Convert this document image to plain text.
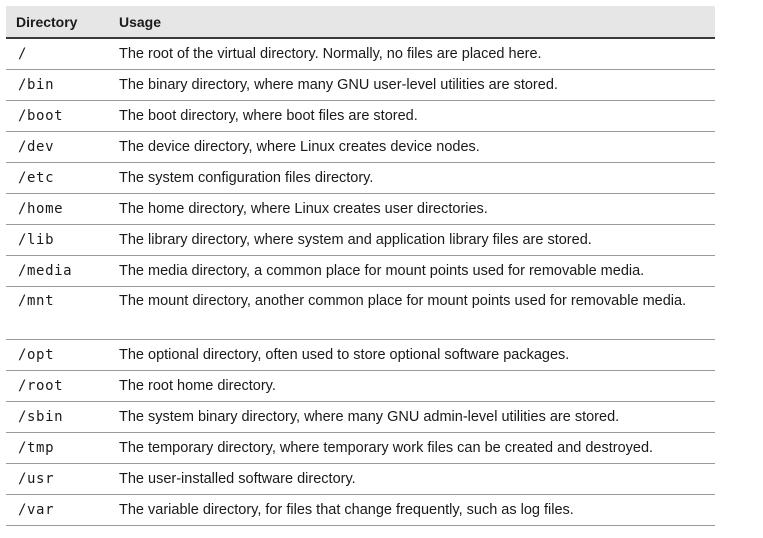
Directory	Usage
/	The root of the virtual directory. Normally, no files are placed here.
/bin	The binary directory, where many GNU user-level utilities are stored.
/boot	The boot directory, where boot files are stored.
/dev	The device directory, where Linux creates device nodes.
/etc	The system configuration files directory.
/home	The home directory, where Linux creates user directories.
/lib	The library directory, where system and application library files are stored.
/media	The media directory, a common place for mount points used for removable media.
/mnt	The mount directory, another common place for mount points used for removable media.
/opt	The optional directory, often used to store optional software packages.
/root	The root home directory.
/sbin	The system binary directory, where many GNU admin-level utilities are stored.
/tmp	The temporary directory, where temporary work files can be created and destroyed.
/usr	The user-installed software directory.
/var	The variable directory, for files that change frequently, such as log files.
